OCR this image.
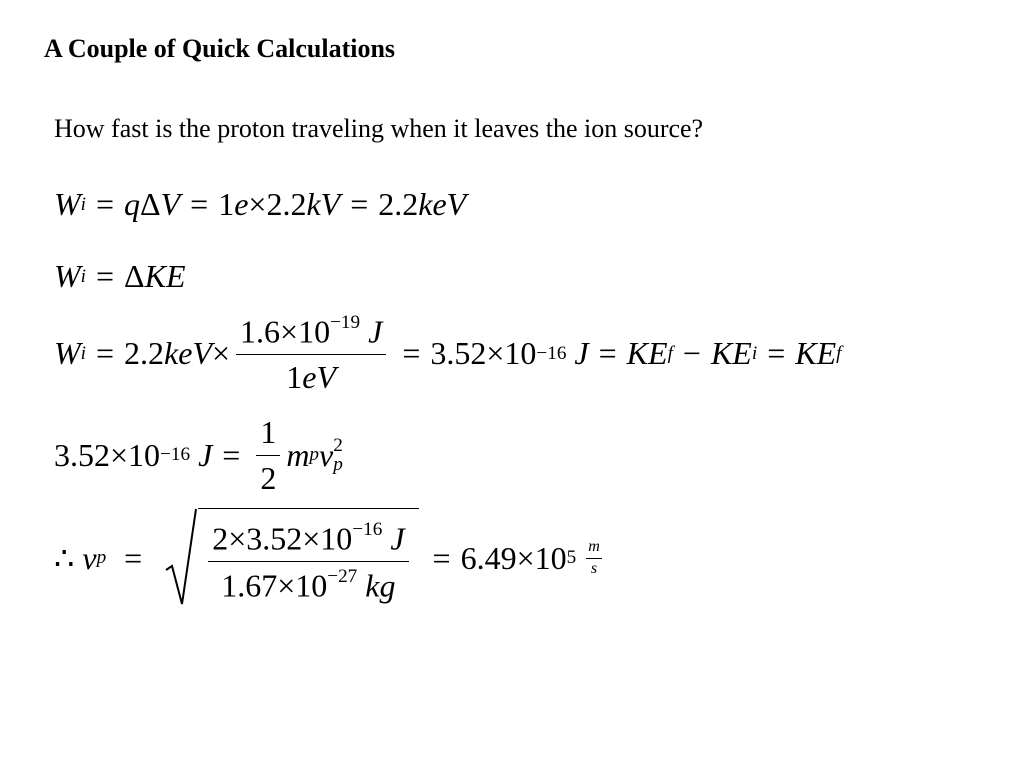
A Couple of Quick Calculations
How fast is the proton traveling when it leaves the ion source?
W i = q Δ V = 1 e × 2.2 kV = 2.2 keV
W i = Δ KE
W i = 2.2 keV × $\frac{1.6\times 10^{-19} J}{1eV} = 3.52 \times 10 -16$
J = KE f − KE i = KE f
3.52 × 10 −16
$J = \frac{1}{2}$ m p v 2
p
∴
v $p = \frac{2\times 3.52\times 10^{-16} J}{1.67\times 10^{-27} kg} = 6.49 \times 10$ $5 \frac{m}{s}$
